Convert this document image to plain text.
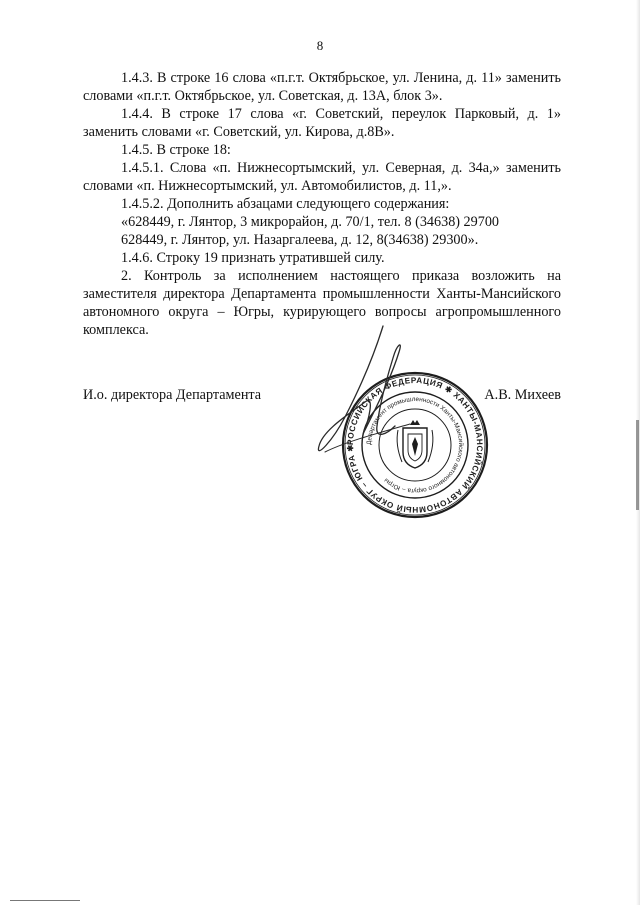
8

1.4.3. В строке 16 слова «п.г.т. Октябрьское, ул. Ленина, д. 11» заменить словами «п.г.т. Октябрьское, ул. Советская, д. 13А, блок 3».

1.4.4. В строке 17 слова «г. Советский, переулок Парковый, д. 1» заменить словами «г. Советский, ул. Кирова, д.8В».

1.4.5. В строке 18:

1.4.5.1. Слова «п. Нижнесортымский, ул. Северная, д. 34а,» заменить словами «п. Нижнесортымский, ул. Автомобилистов, д. 11,».

1.4.5.2. Дополнить абзацами следующего содержания:

«628449, г. Лянтор, 3 микрорайон, д. 70/1, тел. 8 (34638) 29700

628449, г. Лянтор, ул. Назаргалеева, д. 12, 8(34638) 29300».

1.4.6. Строку 19 признать утратившей силу.

2. Контроль за исполнением настоящего приказа возложить на заместителя директора Департамента промышленности Ханты-Мансийского автономного округа – Югры, курирующего вопросы агропромышленного комплекса.

РОССИЙСКАЯ ФЕДЕРАЦИЯ ✱ ХАНТЫ-МАНСИЙСКИЙ АВТОНОМНЫЙ ОКРУГ – ЮГРА ✱
Департамент промышленности Ханты-Мансийского автономного округа – Югры
И.о. директора Департамента	А.В. Михеев
